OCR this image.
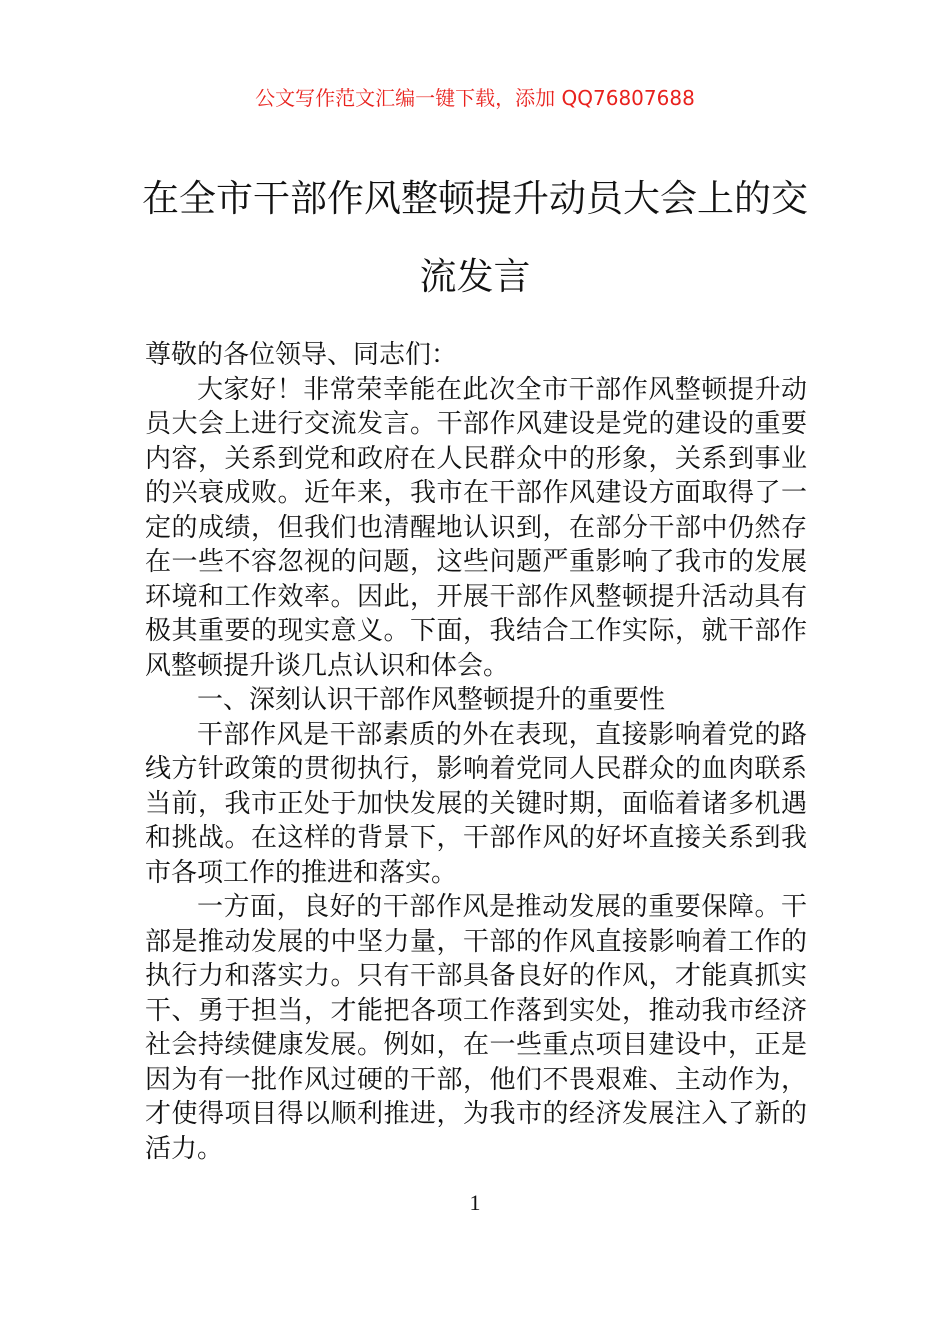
公文写作范文汇编一键下载，添加 QQ76807688
在全市干部作风整顿提升动员大会上的交流发言

尊敬的各位领导、同志们：

大家好！非常荣幸能在此次全市干部作风整顿提升动员大会上进行交流发言。干部作风建设是党的建设的重要内容，关系到党和政府在人民群众中的形象，关系到事业的兴衰成败。近年来，我市在干部作风建设方面取得了一定的成绩，但我们也清醒地认识到，在部分干部中仍然存在一些不容忽视的问题，这些问题严重影响了我市的发展环境和工作效率。因此，开展干部作风整顿提升活动具有极其重要的现实意义。下面，我结合工作实际，就干部作风整顿提升谈几点认识和体会。

一、深刻认识干部作风整顿提升的重要性

干部作风是干部素质的外在表现，直接影响着党的路线方针政策的贯彻执行，影响着党同人民群众的血肉联系当前，我市正处于加快发展的关键时期，面临着诸多机遇和挑战。在这样的背景下，干部作风的好坏直接关系到我市各项工作的推进和落实。

一方面，良好的干部作风是推动发展的重要保障。干部是推动发展的中坚力量，干部的作风直接影响着工作的执行力和落实力。只有干部具备良好的作风，才能真抓实干、勇于担当，才能把各项工作落到实处，推动我市经济社会持续健康发展。例如，在一些重点项目建设中，正是因为有一批作风过硬的干部，他们不畏艰难、主动作为，才使得项目得以顺利推进，为我市的经济发展注入了新的活力。

1
